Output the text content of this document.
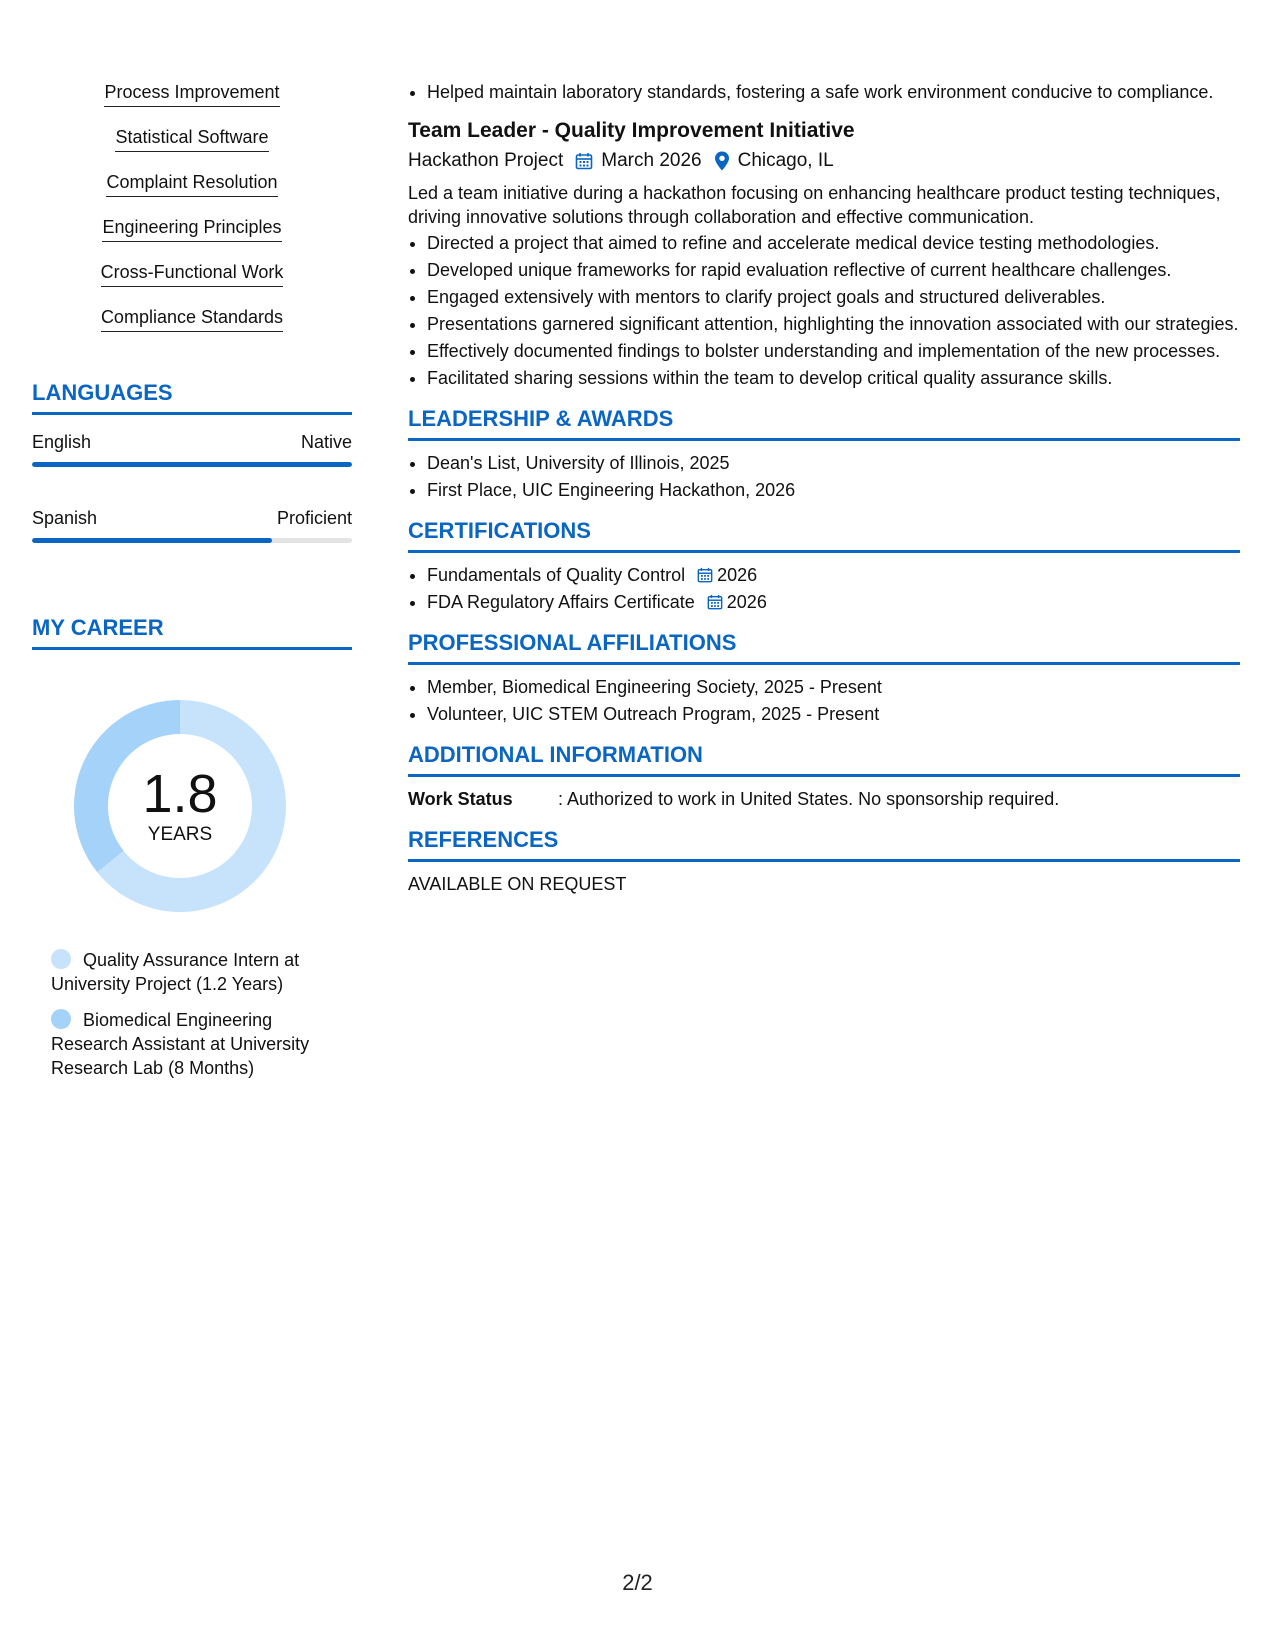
Process Improvement
Statistical Software
Complaint Resolution
Engineering Principles
Cross-Functional Work
Compliance Standards
LANGUAGES
English	Native
Spanish	Proficient
MY CAREER
1.8
YEARS
Quality Assurance Intern at University Project (1.2 Years)
Biomedical Engineering Research Assistant at University Research Lab (8 Months)
• Helped maintain laboratory standards, fostering a safe work environment conducive to compliance.
Team Leader - Quality Improvement Initiative
Hackathon Project March 2026 Chicago, IL
Led a team initiative during a hackathon focusing on enhancing healthcare product testing techniques, driving innovative solutions through collaboration and effective communication.
• Directed a project that aimed to refine and accelerate medical device testing methodologies.
• Developed unique frameworks for rapid evaluation reflective of current healthcare challenges.
• Engaged extensively with mentors to clarify project goals and structured deliverables.
• Presentations garnered significant attention, highlighting the innovation associated with our strategies.
• Effectively documented findings to bolster understanding and implementation of the new processes.
• Facilitated sharing sessions within the team to develop critical quality assurance skills.
LEADERSHIP & AWARDS
• Dean's List, University of Illinois, 2025
• First Place, UIC Engineering Hackathon, 2026
CERTIFICATIONS
• Fundamentals of Quality Control 2026
• FDA Regulatory Affairs Certificate 2026
PROFESSIONAL AFFILIATIONS
• Member, Biomedical Engineering Society, 2025 - Present
• Volunteer, UIC STEM Outreach Program, 2025 - Present
ADDITIONAL INFORMATION
Work Status	: Authorized to work in United States. No sponsorship required.
REFERENCES
AVAILABLE ON REQUEST
2/2
